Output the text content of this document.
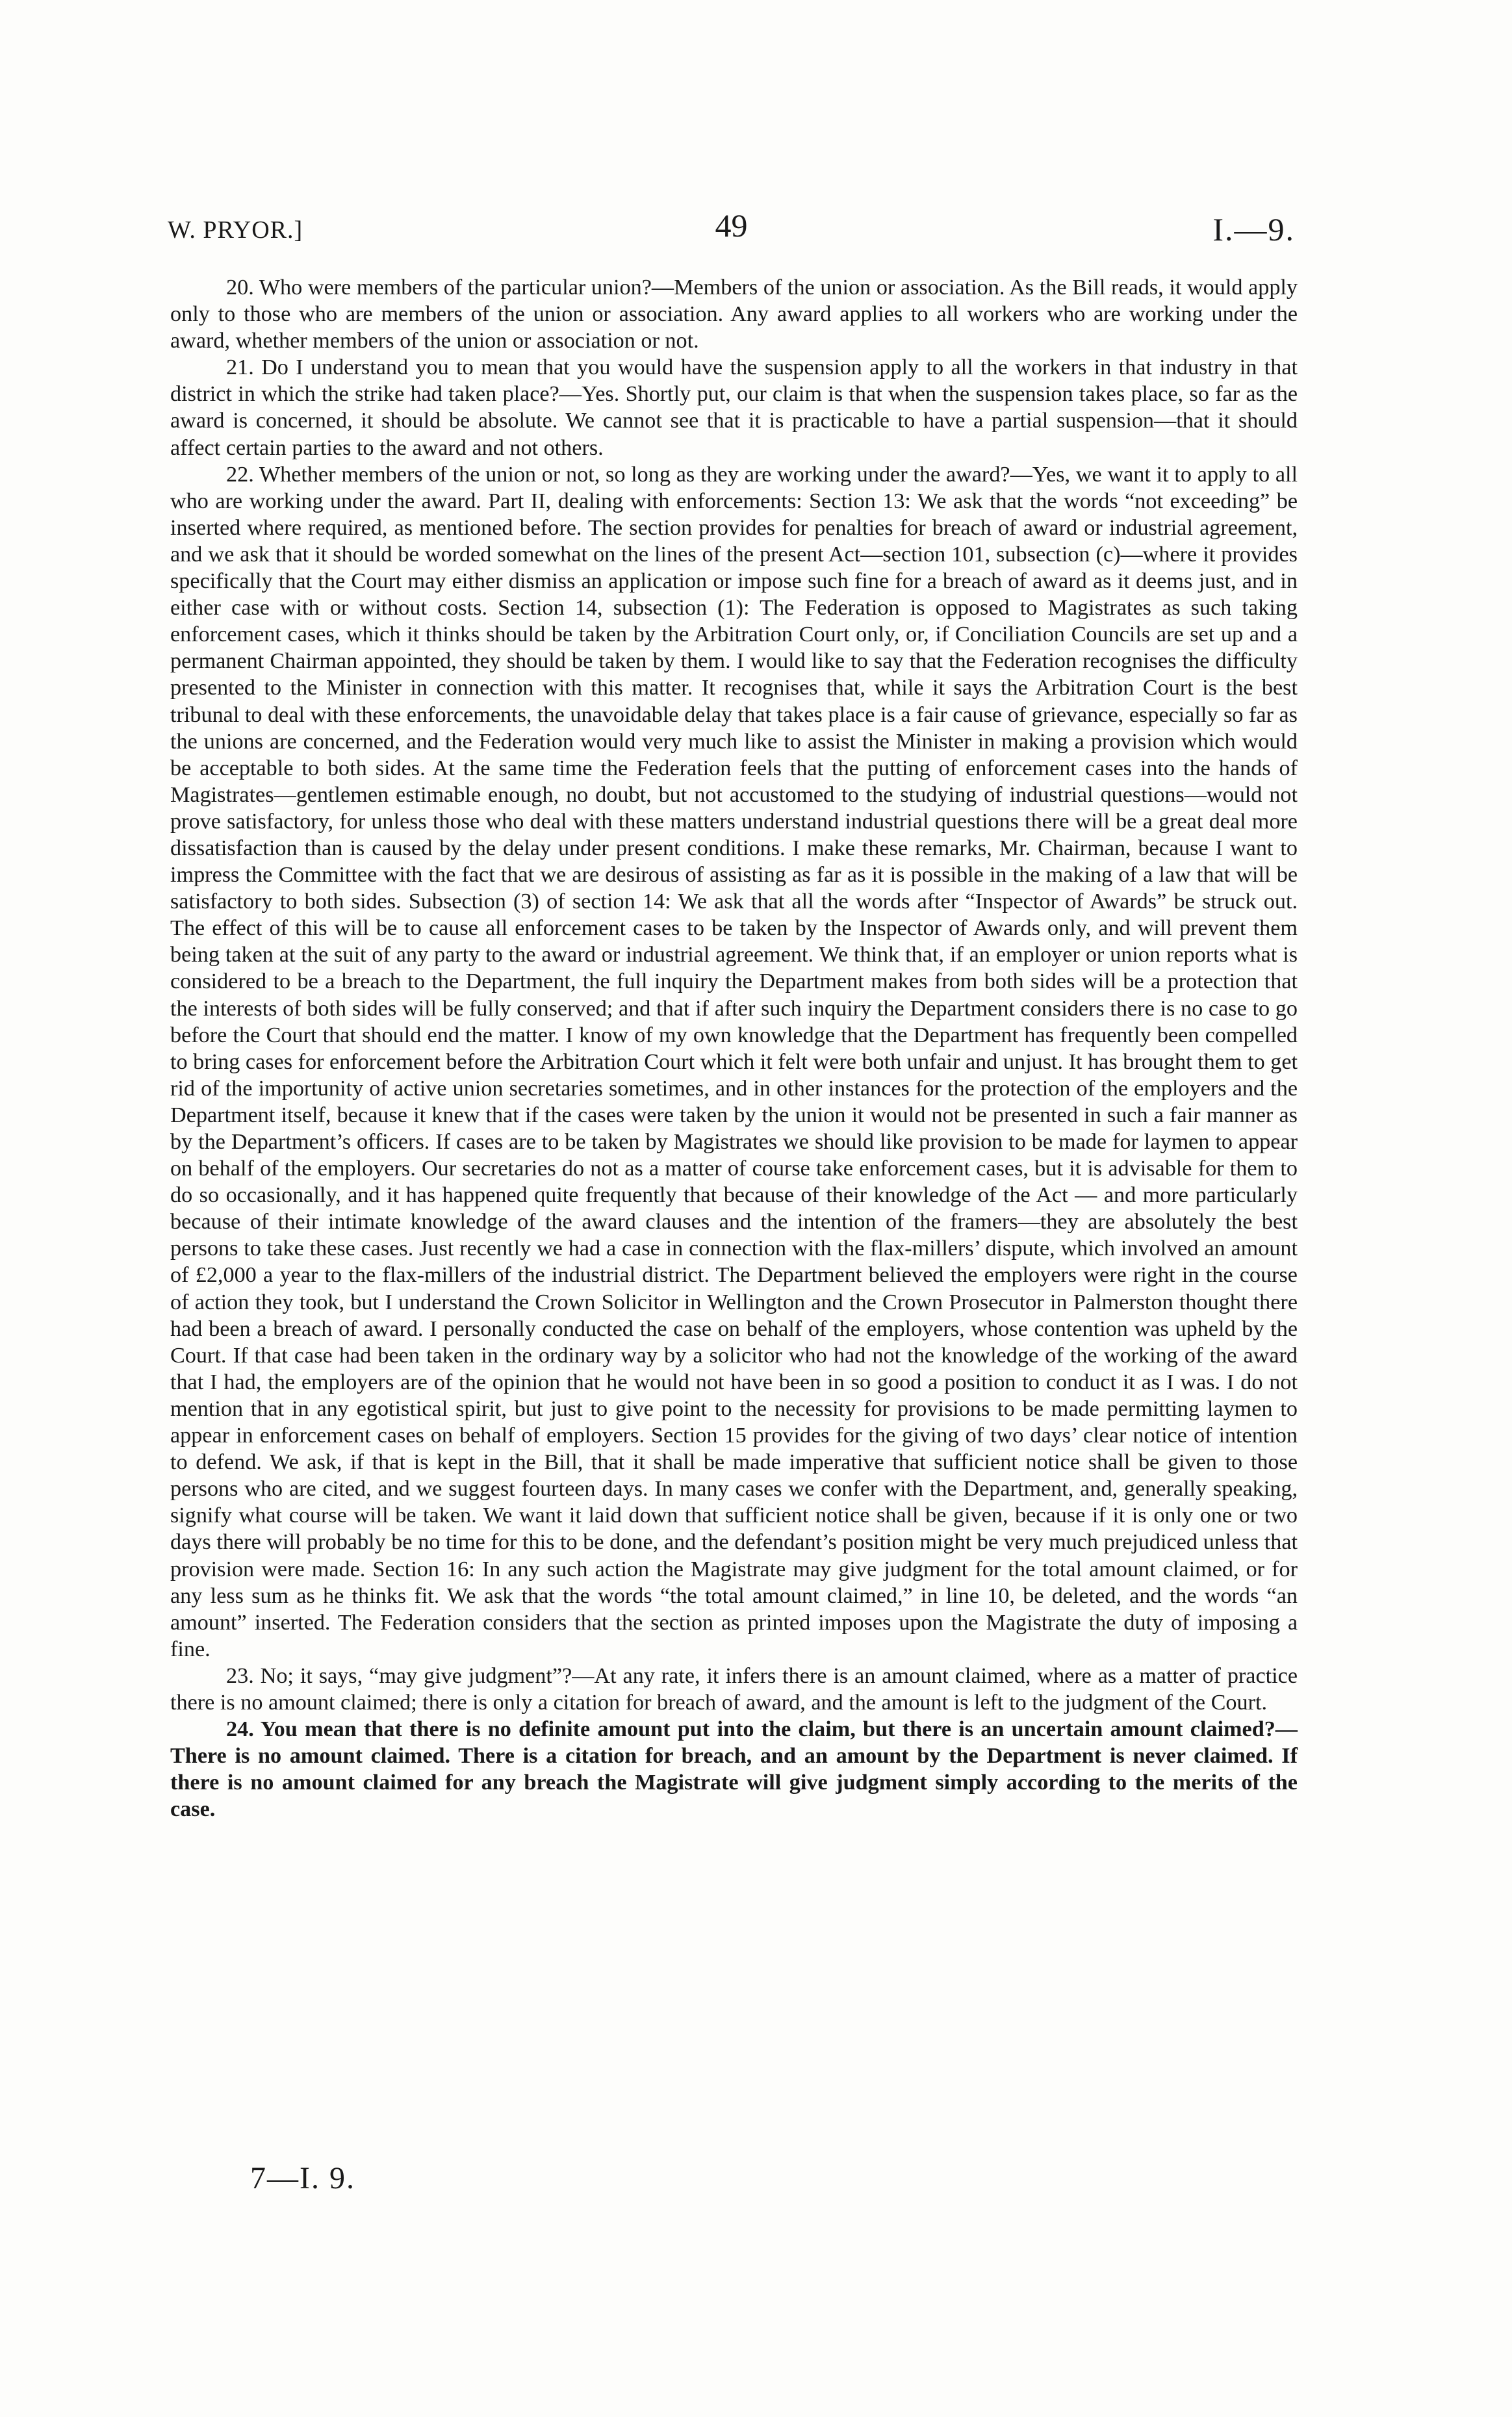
W. PRYOR.]	49	I.—9.

20. Who were members of the particular union?—Members of the union or association. As the Bill reads, it would apply only to those who are members of the union or association. Any award applies to all workers who are working under the award, whether members of the union or association or not.

21. Do I understand you to mean that you would have the suspension apply to all the workers in that industry in that district in which the strike had taken place?—Yes. Shortly put, our claim is that when the suspension takes place, so far as the award is concerned, it should be absolute. We cannot see that it is practicable to have a partial suspension—that it should affect certain parties to the award and not others.

22. Whether members of the union or not, so long as they are working under the award?—Yes, we want it to apply to all who are working under the award. Part II, dealing with enforcements: Section 13: We ask that the words “not exceeding” be inserted where required, as mentioned before. The section provides for penalties for breach of award or industrial agreement, and we ask that it should be worded somewhat on the lines of the present Act—section 101, subsection (c)—where it provides specifically that the Court may either dismiss an application or impose such fine for a breach of award as it deems just, and in either case with or without costs. Section 14, subsection (1): The Federation is opposed to Magistrates as such taking enforcement cases, which it thinks should be taken by the Arbitration Court only, or, if Conciliation Councils are set up and a permanent Chairman appointed, they should be taken by them. I would like to say that the Federation recognises the difficulty presented to the Minister in connection with this matter. It recognises that, while it says the Arbitration Court is the best tribunal to deal with these enforcements, the unavoidable delay that takes place is a fair cause of grievance, especially so far as the unions are concerned, and the Federation would very much like to assist the Minister in making a provision which would be acceptable to both sides. At the same time the Federation feels that the putting of enforcement cases into the hands of Magistrates—gentlemen estimable enough, no doubt, but not accustomed to the studying of industrial questions—would not prove satisfactory, for unless those who deal with these matters understand industrial questions there will be a great deal more dissatisfaction than is caused by the delay under present conditions. I make these remarks, Mr. Chairman, because I want to impress the Committee with the fact that we are desirous of assisting as far as it is possible in the making of a law that will be satisfactory to both sides. Subsection (3) of section 14: We ask that all the words after “Inspector of Awards” be struck out. The effect of this will be to cause all enforcement cases to be taken by the Inspector of Awards only, and will prevent them being taken at the suit of any party to the award or industrial agreement. We think that, if an employer or union reports what is considered to be a breach to the Department, the full inquiry the Department makes from both sides will be a protection that the interests of both sides will be fully conserved; and that if after such inquiry the Department considers there is no case to go before the Court that should end the matter. I know of my own knowledge that the Department has frequently been compelled to bring cases for enforcement before the Arbitration Court which it felt were both unfair and unjust. It has brought them to get rid of the importunity of active union secretaries sometimes, and in other instances for the protection of the employers and the Department itself, because it knew that if the cases were taken by the union it would not be presented in such a fair manner as by the Department’s officers. If cases are to be taken by Magistrates we should like provision to be made for laymen to appear on behalf of the employers. Our secretaries do not as a matter of course take enforcement cases, but it is advisable for them to do so occasionally, and it has happened quite frequently that because of their knowledge of the Act — and more particularly because of their intimate knowledge of the award clauses and the intention of the framers—they are absolutely the best persons to take these cases. Just recently we had a case in connection with the flax-millers’ dispute, which involved an amount of £2,000 a year to the flax-millers of the industrial district. The Department believed the employers were right in the course of action they took, but I understand the Crown Solicitor in Wellington and the Crown Prosecutor in Palmerston thought there had been a breach of award. I personally conducted the case on behalf of the employers, whose contention was upheld by the Court. If that case had been taken in the ordinary way by a solicitor who had not the knowledge of the working of the award that I had, the employers are of the opinion that he would not have been in so good a position to conduct it as I was. I do not mention that in any egotistical spirit, but just to give point to the necessity for provisions to be made permitting laymen to appear in enforcement cases on behalf of employers. Section 15 provides for the giving of two days’ clear notice of intention to defend. We ask, if that is kept in the Bill, that it shall be made imperative that sufficient notice shall be given to those persons who are cited, and we suggest fourteen days. In many cases we confer with the Department, and, generally speaking, signify what course will be taken. We want it laid down that sufficient notice shall be given, because if it is only one or two days there will probably be no time for this to be done, and the defendant’s position might be very much prejudiced unless that provision were made. Section 16: In any such action the Magistrate may give judgment for the total amount claimed, or for any less sum as he thinks fit. We ask that the words “the total amount claimed,” in line 10, be deleted, and the words “an amount” inserted. The Federation considers that the section as printed imposes upon the Magistrate the duty of imposing a fine.

23. No; it says, “may give judgment”?—At any rate, it infers there is an amount claimed, where as a matter of practice there is no amount claimed; there is only a citation for breach of award, and the amount is left to the judgment of the Court.

24. You mean that there is no definite amount put into the claim, but there is an uncertain amount claimed?—There is no amount claimed. There is a citation for breach, and an amount by the Department is never claimed. If there is no amount claimed for any breach the Magistrate will give judgment simply according to the merits of the case.

7—I. 9.
